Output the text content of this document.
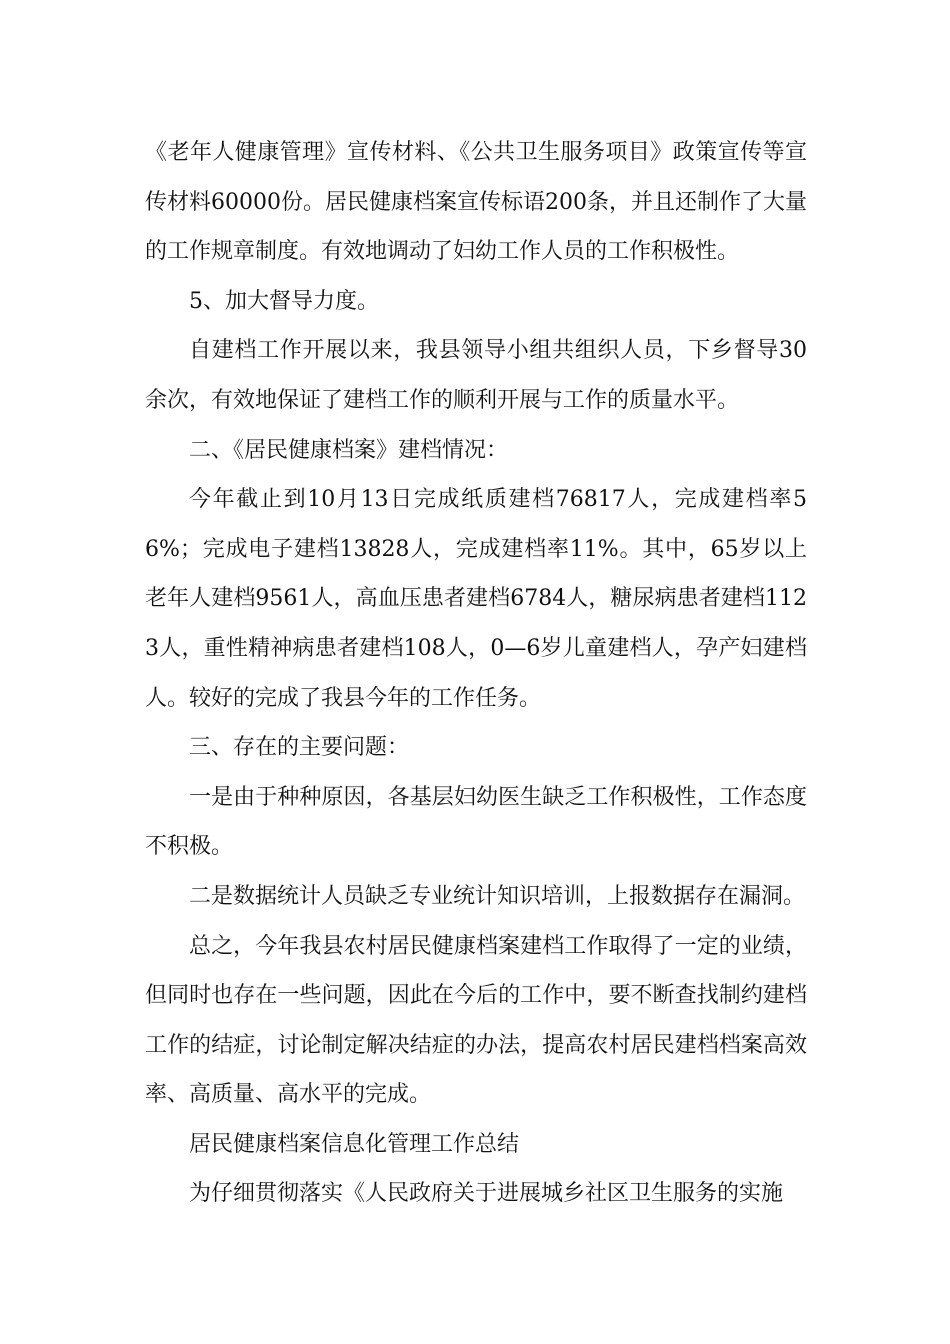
《老年人健康管理》宣传材料、《公共卫生服务项目》政策宣传等宣传材料60000份。居民健康档案宣传标语200条，并且还制作了大量的工作规章制度。有效地调动了妇幼工作人员的工作积极性。

5、加大督导力度。

自建档工作开展以来，我县领导小组共组织人员，下乡督导30余次，有效地保证了建档工作的顺利开展与工作的质量水平。

二、《居民健康档案》建档情况：

今年截止到10月13日完成纸质建档76817人，完成建档率56%；完成电子建档13828人，完成建档率11%。其中，65岁以上老年人建档9561人，高血压患者建档6784人，糖尿病患者建档1123人，重性精神病患者建档108人，0—6岁儿童建档人，孕产妇建档人。较好的完成了我县今年的工作任务。

三、存在的主要问题：

一是由于种种原因，各基层妇幼医生缺乏工作积极性，工作态度不积极。

二是数据统计人员缺乏专业统计知识培训，上报数据存在漏洞。

总之，今年我县农村居民健康档案建档工作取得了一定的业绩，但同时也存在一些问题，因此在今后的工作中，要不断查找制约建档工作的结症，讨论制定解决结症的办法，提高农村居民建档档案高效率、高质量、高水平的完成。

居民健康档案信息化管理工作总结

为仔细贯彻落实《人民政府关于进展城乡社区卫生服务的实施
